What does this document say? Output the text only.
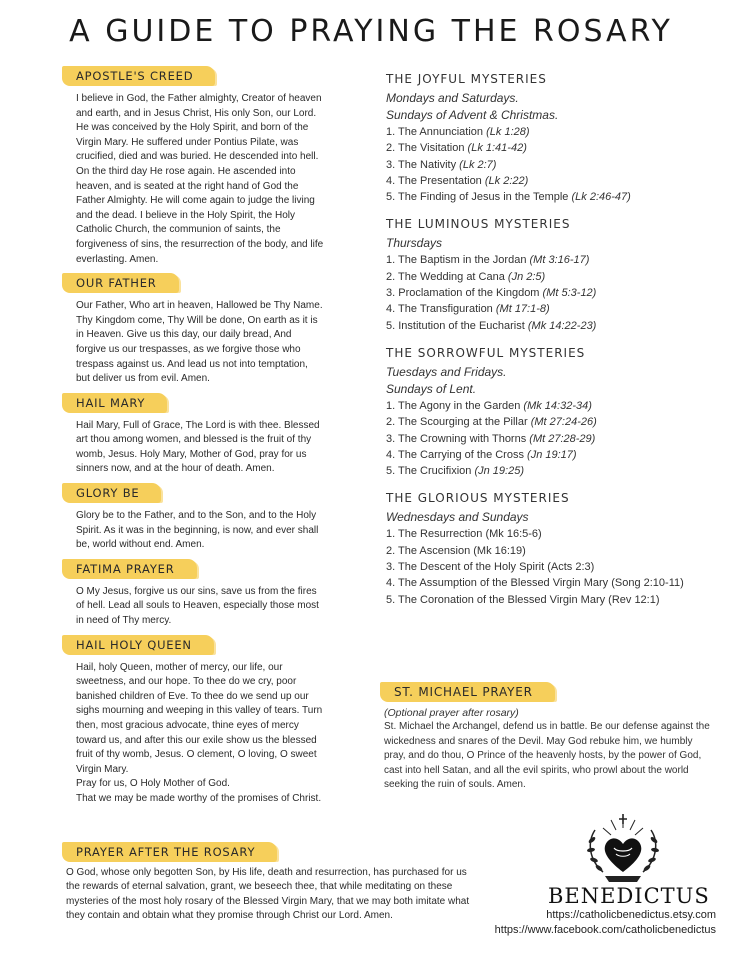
A GUIDE TO PRAYING THE ROSARY
APOSTLE'S CREED

I believe in God, the Father almighty, Creator of heaven and earth, and in Jesus Christ, His only Son, our Lord. He was conceived by the Holy Spirit, and born of the Virgin Mary. He suffered under Pontius Pilate, was crucified, died and was buried. He descended into hell. On the third day He rose again. He ascended into heaven, and is seated at the right hand of God the Father Almighty. He will come again to judge the living and the dead. I believe in the Holy Spirit, the Holy Catholic Church, the communion of saints, the forgiveness of sins, the resurrection of the body, and life everlasting. Amen.

OUR FATHER

Our Father, Who art in heaven, Hallowed be Thy Name. Thy Kingdom come, Thy Will be done, On earth as it is in Heaven. Give us this day, our daily bread, And forgive us our trespasses, as we forgive those who trespass against us. And lead us not into temptation, but deliver us from evil. Amen.

HAIL MARY

Hail Mary, Full of Grace, The Lord is with thee. Blessed art thou among women, and blessed is the fruit of thy womb, Jesus. Holy Mary, Mother of God, pray for us sinners now, and at the hour of death. Amen.

GLORY BE

Glory be to the Father, and to the Son, and to the Holy Spirit. As it was in the beginning, is now, and ever shall be, world without end. Amen.

FATIMA PRAYER

O My Jesus, forgive us our sins, save us from the fires of hell. Lead all souls to Heaven, especially those most in need of Thy mercy.

HAIL HOLY QUEEN

Hail, holy Queen, mother of mercy, our life, our sweetness, and our hope. To thee do we cry, poor banished children of Eve. To thee do we send up our sighs mourning and weeping in this valley of tears. Turn then, most gracious advocate, thine eyes of mercy toward us, and after this our exile show us the blessed fruit of thy womb, Jesus. O clement, O loving, O sweet Virgin Mary.

Pray for us, O Holy Mother of God.

That we may be made worthy of the promises of Christ.

THE JOYFUL MYSTERIES
Mondays and Saturdays.
Sundays of Advent & Christmas.
1. The Annunciation (Lk 1:28)
2. The Visitation (Lk 1:41-42)
3. The Nativity (Lk 2:7)
4. The Presentation (Lk 2:22)
5. The Finding of Jesus in the Temple (Lk 2:46-47)
THE LUMINOUS MYSTERIES
Thursdays
1. The Baptism in the Jordan (Mt 3:16-17)
2. The Wedding at Cana (Jn 2:5)
3. Proclamation of the Kingdom (Mt 5:3-12)
4. The Transfiguration (Mt 17:1-8)
5. Institution of the Eucharist (Mk 14:22-23)
THE SORROWFUL MYSTERIES
Tuesdays and Fridays.
Sundays of Lent.
1. The Agony in the Garden (Mk 14:32-34)
2. The Scourging at the Pillar (Mt 27:24-26)
3. The Crowning with Thorns (Mt 27:28-29)
4. The Carrying of the Cross (Jn 19:17)
5. The Crucifixion (Jn 19:25)
THE GLORIOUS MYSTERIES
Wednesdays and Sundays
1. The Resurrection (Mk 16:5-6)
2. The Ascension (Mk 16:19)
3. The Descent of the Holy Spirit (Acts 2:3)
4. The Assumption of the Blessed Virgin Mary (Song 2:10-11)
5. The Coronation of the Blessed Virgin Mary (Rev 12:1)
ST. MICHAEL PRAYER

(Optional prayer after rosary)

St. Michael the Archangel, defend us in battle. Be our defense against the wickedness and snares of the Devil. May God rebuke him, we humbly pray, and do thou, O Prince of the heavenly hosts, by the power of God, cast into hell Satan, and all the evil spirits, who prowl about the world seeking the ruin of souls. Amen.

PRAYER AFTER THE ROSARY

O God, whose only begotten Son, by His life, death and resurrection, has purchased for us the rewards of eternal salvation, grant, we beseech thee, that while meditating on these mysteries of the most holy rosary of the Blessed Virgin Mary, that we may both imitate what they contain and obtain what they promise through Christ our Lord. Amen.

BENEDICTUS
https://catholicbenedictus.etsy.com
https://www.facebook.com/catholicbenedictus
